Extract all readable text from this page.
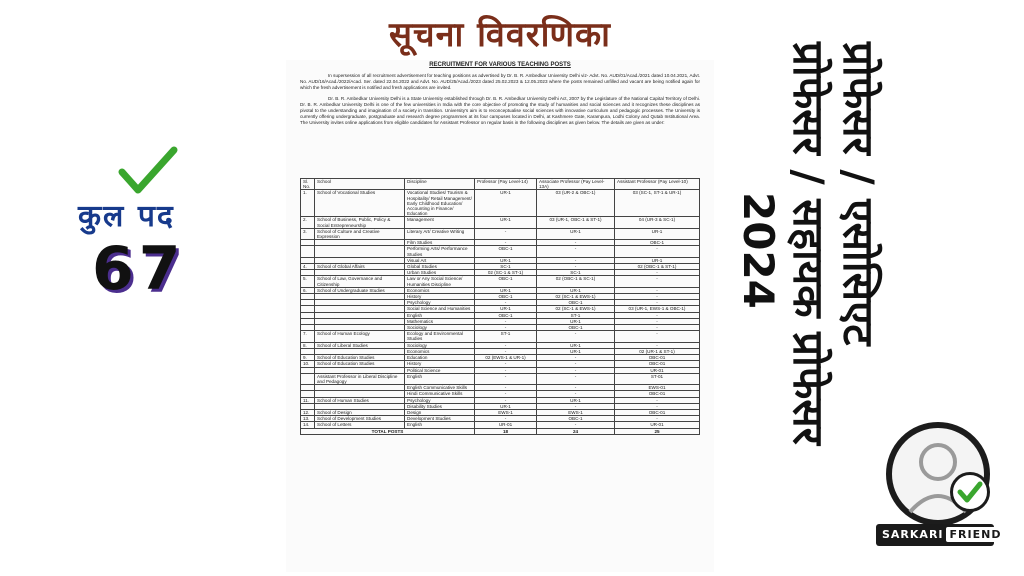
सूचना विवरणिका
RECRUITMENT FOR VARIOUS TEACHING POSTS

In supersession of all recruitment advertisement for teaching positions as advertised by Dr. B. R. Ambedkar University Delhi viz- Advt. No. AUD/01/Acad./2021 dated 10.04.2021, Advt. No. AUD/16/Acad./2022/Acad. Ser. dated 22.04.2022 and Advt. No. AUD/25/Acad./2023 dated 25.02.2023 & 12.05.2023 where the posts remained unfilled and vacant are being notified again for which the fresh advertisement is notified and fresh applications are invited.

Dr. B. R. Ambedkar University Delhi is a State University established through Dr. B. R. Ambedkar University Delhi Act, 2007 by the Legislature of the National Capital Territory of Delhi. Dr. B. R. Ambedkar University Delhi is one of the few universities in India with the core objective of promoting the study of humanities and social sciences and it recognizes these disciplines as pivotal to the understanding and imagination of a society in transition. University's aim is to reconceptualise social sciences with innovative curriculum and pedagogic processes. The University is currently offering undergraduate, postgraduate and research degree programmes at its four campuses located in Delhi, at Kashmere Gate, Karampura, Lodhi Colony and Qutab Institutional Area. The University invites online applications from eligible candidates for Assistant Professor on regular basis in the following disciplines as given below. The details are given as under:

Sl. No.	School	Discipline	Professor (Pay Level-14)	Associate Professor (Pay Level-13A)	Assistant Professor (Pay Level-10)
1.	School of Vocational Studies	Vocational Studies/ Tourism & Hospitality/ Retail Management/ Early Childhood Education/ Accounting in Finance/ Education	UR-1	03 (UR-2 & OBC-1)	03 (SC-1, ST-1 & UR-1)
2.	School of Business, Public, Policy & Social Entrepreneurship	Management	UR-1	03 (UR-1, OBC-1 & ST-1)	04 (UR-3 & SC-1)
3.	School of Culture and Creative Expression	Literary Art/ Creative Writing	-	UR-1	UR-1
		Film Studies	-	-	OBC-1
		Performing Arts/ Performance Studies	OBC-1	-	-
		Visual Art	UR-1	-	UR-1
4.	School of Global Affairs	Global Studies	SC-1	-	02 (OBC-1 & ST-1)
		Urban Studies	02 (SC-1 & ST-1)	SC-1	-
5.	School of Law, Governance and Citizenship	Law or Any Social Science/ Humanities Discipline	OBC-1	02 (OBC-1 & SC-1)	-
6.	School of Undergraduate Studies	Economics	UR-1	UR-1	-
		History	OBC-1	02 (SC-1 & EWS-1)	-
		Psychology	-	OBC-1	-
		Social Science and Humanities	UR-1	02 (SC-1 & EWS-1)	03 (UR-1, EWS-1 & OBC-1)
		English	OBC-1	ST-1	-
		Mathematics	-	UR-1	-
		Sociology	-	OBC-1	-
7.	School of Human Ecology	Ecology and Environmental Studies	ST-1	-	-
8.	School of Liberal Studies	Sociology	-	UR-1	-
		Economics	-	UR-1	02 (UR-1 & ST-1)
9.	School of Education Studies	Education	02 (EWS-1 & UR-1)	-	OBC-01
10.	School of Education Studies	History	-	-	OBC-01
		Political Science	-	-	UR-01
	Assistant Professor in Liberal Discipline and Pedagogy	English	-	-	ST-01
		English Communicative Skills	-	-	EWS-01
		Hindi Communicative Skills	-	-	OBC-01
11.	School of Human Studies	Psychology	-	UR-1	-
		Disability Studies	UR-1	-	-
12.	School of Design	Design	EWS-1	EWS-1	OBC-01
13.	School of Development Studies	Development Studies	-	OBC-1	-
14.	School of Letters	English	UR-01	-	UR-01
TOTAL POSTS			18	24	25
कुल पद
67	प्रोफेसर / एसोसिएट
प्रोफेसर / सहायक प्रोफेसर
2024
SARKARI FRIEND
